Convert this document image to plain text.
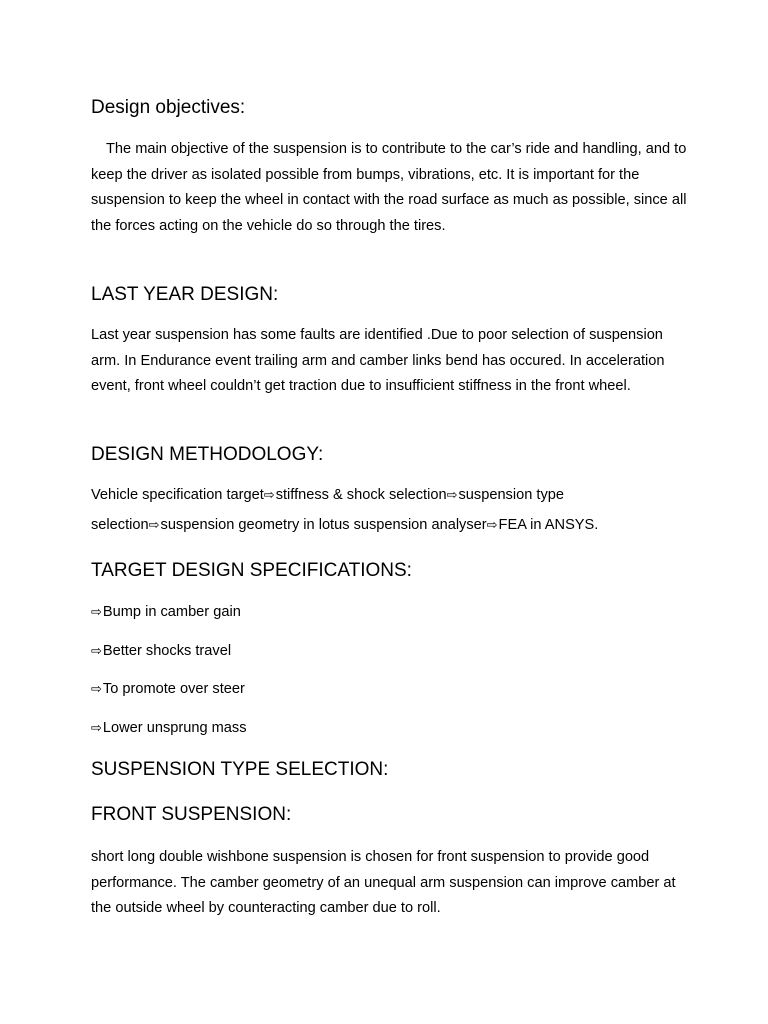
Design objectives:

The main objective of the suspension is to contribute to the car’s ride and handling, and to keep the driver as isolated possible from bumps, vibrations, etc. It is important for the suspension to keep the wheel in contact with the road surface as much as possible, since all the forces acting on the vehicle do so through the tires.

LAST YEAR DESIGN:

Last year suspension has some faults are identified .Due to poor selection of suspension arm. In Endurance event trailing arm and camber links bend has occured. In acceleration event, front wheel couldn’t get traction due to insufficient stiffness in the front wheel.

DESIGN METHODOLOGY:

Vehicle specification target⇨stiffness & shock selection⇨suspension type selection⇨suspension geometry in lotus suspension analyser⇨FEA in ANSYS.

TARGET DESIGN SPECIFICATIONS:
⇨Bump in camber gain
⇨Better shocks travel
⇨To promote over steer
⇨Lower unsprung mass
SUSPENSION TYPE SELECTION:
FRONT SUSPENSION:

short long double wishbone suspension is chosen for front suspension to provide good performance. The camber geometry of an unequal arm suspension can improve camber at the outside wheel by counteracting camber due to roll.
